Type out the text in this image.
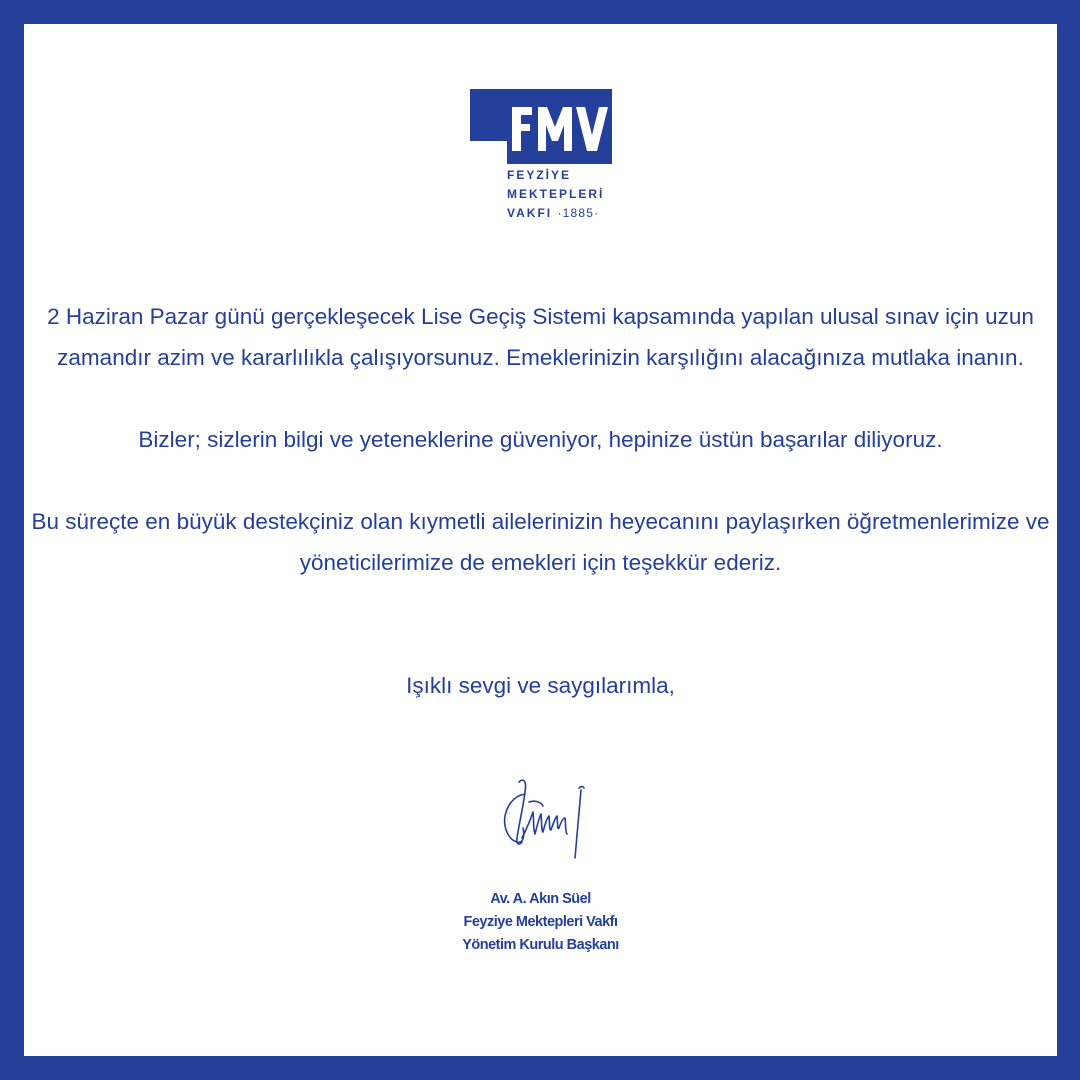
FEYZİYE
MEKTEPLERİ
VAKFI ·1885·

2 Haziran Pazar günü gerçekleşecek Lise Geçiş Sistemi kapsamında yapılan ulusal sınav için uzun zamandır azim ve kararlılıkla çalışıyorsunuz. Emeklerinizin karşılığını alacağınıza mutlaka inanın.

Bizler; sizlerin bilgi ve yeteneklerine güveniyor, hepinize üstün başarılar diliyoruz.

Bu süreçte en büyük destekçiniz olan kıymetli ailelerinizin heyecanını paylaşırken öğretmenlerimize ve yöneticilerimize de emekleri için teşekkür ederiz.

Işıklı sevgi ve saygılarımla,
Av. A. Akın Süel
Feyziye Mektepleri Vakfı
Yönetim Kurulu Başkanı
